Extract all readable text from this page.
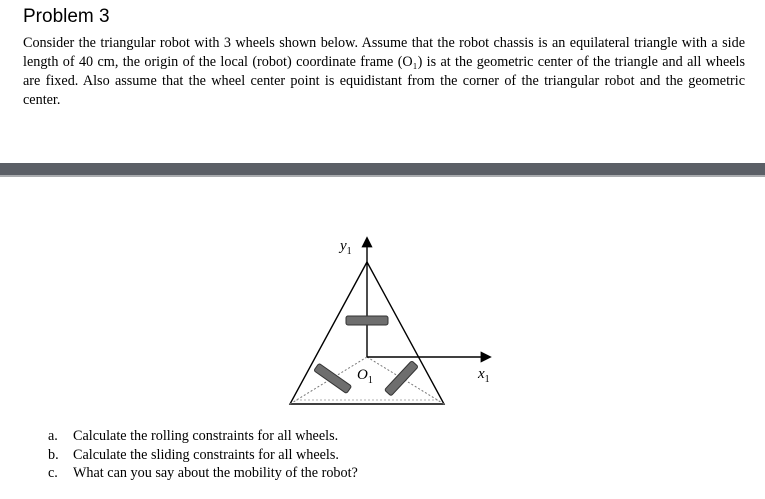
Problem 3
Consider the triangular robot with 3 wheels shown below. Assume that the robot chassis is an equilateral triangle with a side length of 40 cm, the origin of the local (robot) coordinate frame (O₁) is at the geometric center of the triangle and all wheels are fixed. Also assume that the wheel center point is equidistant from the corner of the triangular robot and the geometric center.
$y_1$
$x_1$
$O_1$
a.	Calculate the rolling constraints for all wheels.
b.	Calculate the sliding constraints for all wheels.
c.	What can you say about the mobility of the robot?
